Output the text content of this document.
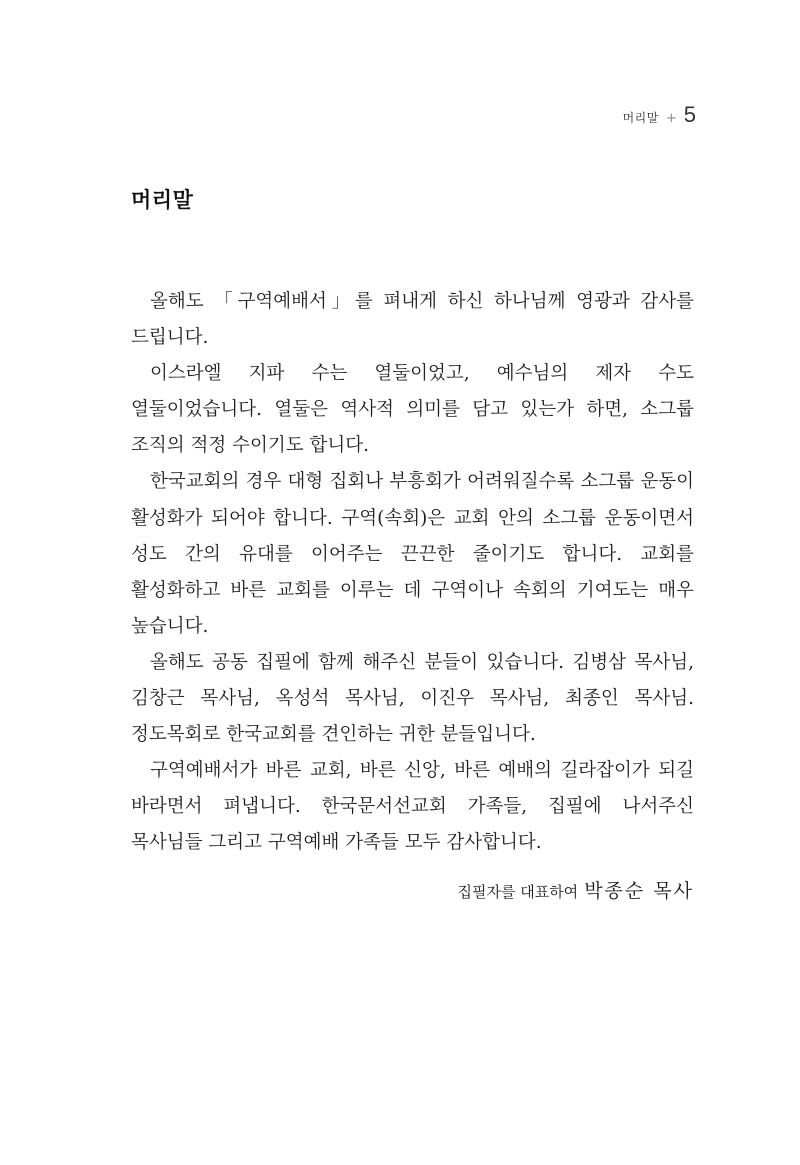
머리말 + 5
머리말

올해도 「구역예배서」를 펴내게 하신 하나님께 영광과 감사를 드립니다.

이스라엘 지파 수는 열둘이었고, 예수님의 제자 수도 열둘이었습니다. 열둘은 역사적 의미를 담고 있는가 하면, 소그룹 조직의 적정 수이기도 합니다.

한국교회의 경우 대형 집회나 부흥회가 어려워질수록 소그룹 운동이 활성화가 되어야 합니다. 구역(속회)은 교회 안의 소그룹 운동이면서 성도 간의 유대를 이어주는 끈끈한 줄이기도 합니다. 교회를 활성화하고 바른 교회를 이루는 데 구역이나 속회의 기여도는 매우 높습니다.

올해도 공동 집필에 함께 해주신 분들이 있습니다. 김병삼 목사님, 김창근 목사님, 옥성석 목사님, 이진우 목사님, 최종인 목사님. 정도목회로 한국교회를 견인하는 귀한 분들입니다.

구역예배서가 바른 교회, 바른 신앙, 바른 예배의 길라잡이가 되길 바라면서 펴냅니다. 한국문서선교회 가족들, 집필에 나서주신 목사님들 그리고 구역예배 가족들 모두 감사합니다.

집필자를 대표하여 박종순 목사
